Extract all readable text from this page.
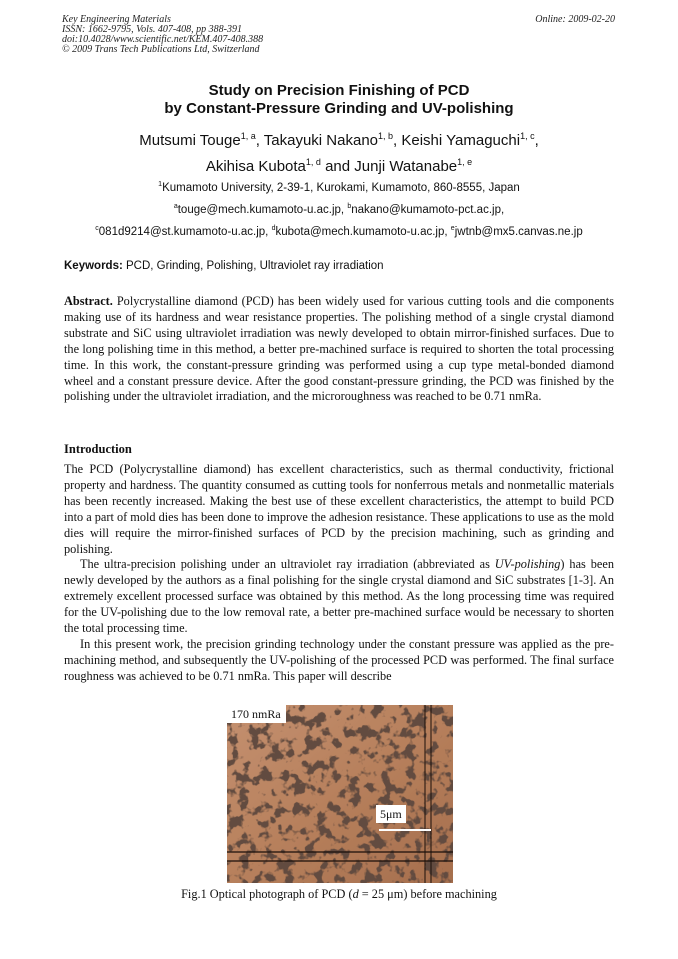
Key Engineering Materials
ISSN: 1662-9795, Vols. 407-408, pp 388-391
doi:10.4028/www.scientific.net/KEM.407-408.388
© 2009 Trans Tech Publications Ltd, Switzerland
Online: 2009-02-20
Study on Precision Finishing of PCD
by Constant-Pressure Grinding and UV-polishing
Mutsumi Touge$^{1, a}$, Takayuki Nakano$^{1, b}$, Keishi Yamaguchi$^{1, c}$,
Akihisa Kubota$^{1, d}$ and Junji Watanabe$^{1, e}$
$^1$Kumamoto University, 2-39-1, Kurokami, Kumamoto, 860-8555, Japan
$^a$touge@mech.kumamoto-u.ac.jp, $^b$nakano@kumamoto-pct.ac.jp,
$^c$081d9214@st.kumamoto-u.ac.jp, $^d$kubota@mech.kumamoto-u.ac.jp, $^e$jwtnb@mx5.canvas.ne.jp
Keywords: PCD, Grinding, Polishing, Ultraviolet ray irradiation
Abstract. Polycrystalline diamond (PCD) has been widely used for various cutting tools and die components making use of its hardness and wear resistance properties. The polishing method of a single crystal diamond substrate and SiC using ultraviolet irradiation was newly developed to obtain mirror-finished surfaces. Due to the long polishing time in this method, a better pre-machined surface is required to shorten the total processing time. In this work, the constant-pressure grinding was performed using a cup type metal-bonded diamond wheel and a constant pressure device. After the good constant-pressure grinding, the PCD was finished by the polishing under the ultraviolet irradiation, and the microroughness was reached to be 0.71 nmRa.
Introduction

The PCD (Polycrystalline diamond) has excellent characteristics, such as thermal conductivity, frictional property and hardness. The quantity consumed as cutting tools for nonferrous metals and nonmetallic materials has been recently increased. Making the best use of these excellent characteristics, the attempt to build PCD into a part of mold dies has been done to improve the adhesion resistance. These applications to use as the mold dies will require the mirror-finished surfaces of PCD by the precision machining, such as grinding and polishing.

The ultra-precision polishing under an ultraviolet ray irradiation (abbreviated as UV-polishing) has been newly developed by the authors as a final polishing for the single crystal diamond and SiC substrates [1-3]. An extremely excellent processed surface was obtained by this method. As the long processing time was required for the UV-polishing due to the low removal rate, a better pre-machined surface would be necessary to shorten the total processing time.

In this present work, the precision grinding technology under the constant pressure was applied as the pre-machining method, and subsequently the UV-polishing of the processed PCD was performed. The final surface roughness was achieved to be 0.71 nmRa. This paper will describe

170 nmRa
5μm
Fig.1 Optical photograph of PCD (d = 25 μm) before machining
